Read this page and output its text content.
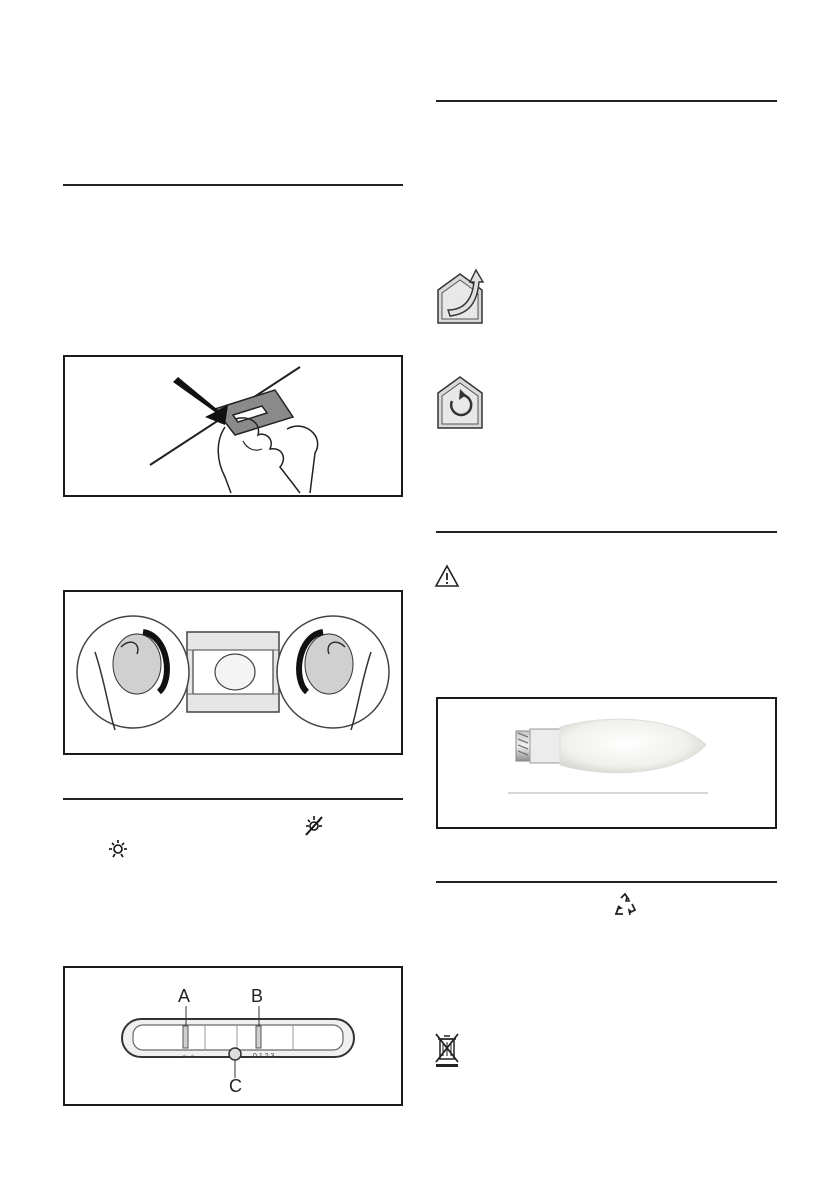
0 1 2 3
☼ ☼
A	B
C
